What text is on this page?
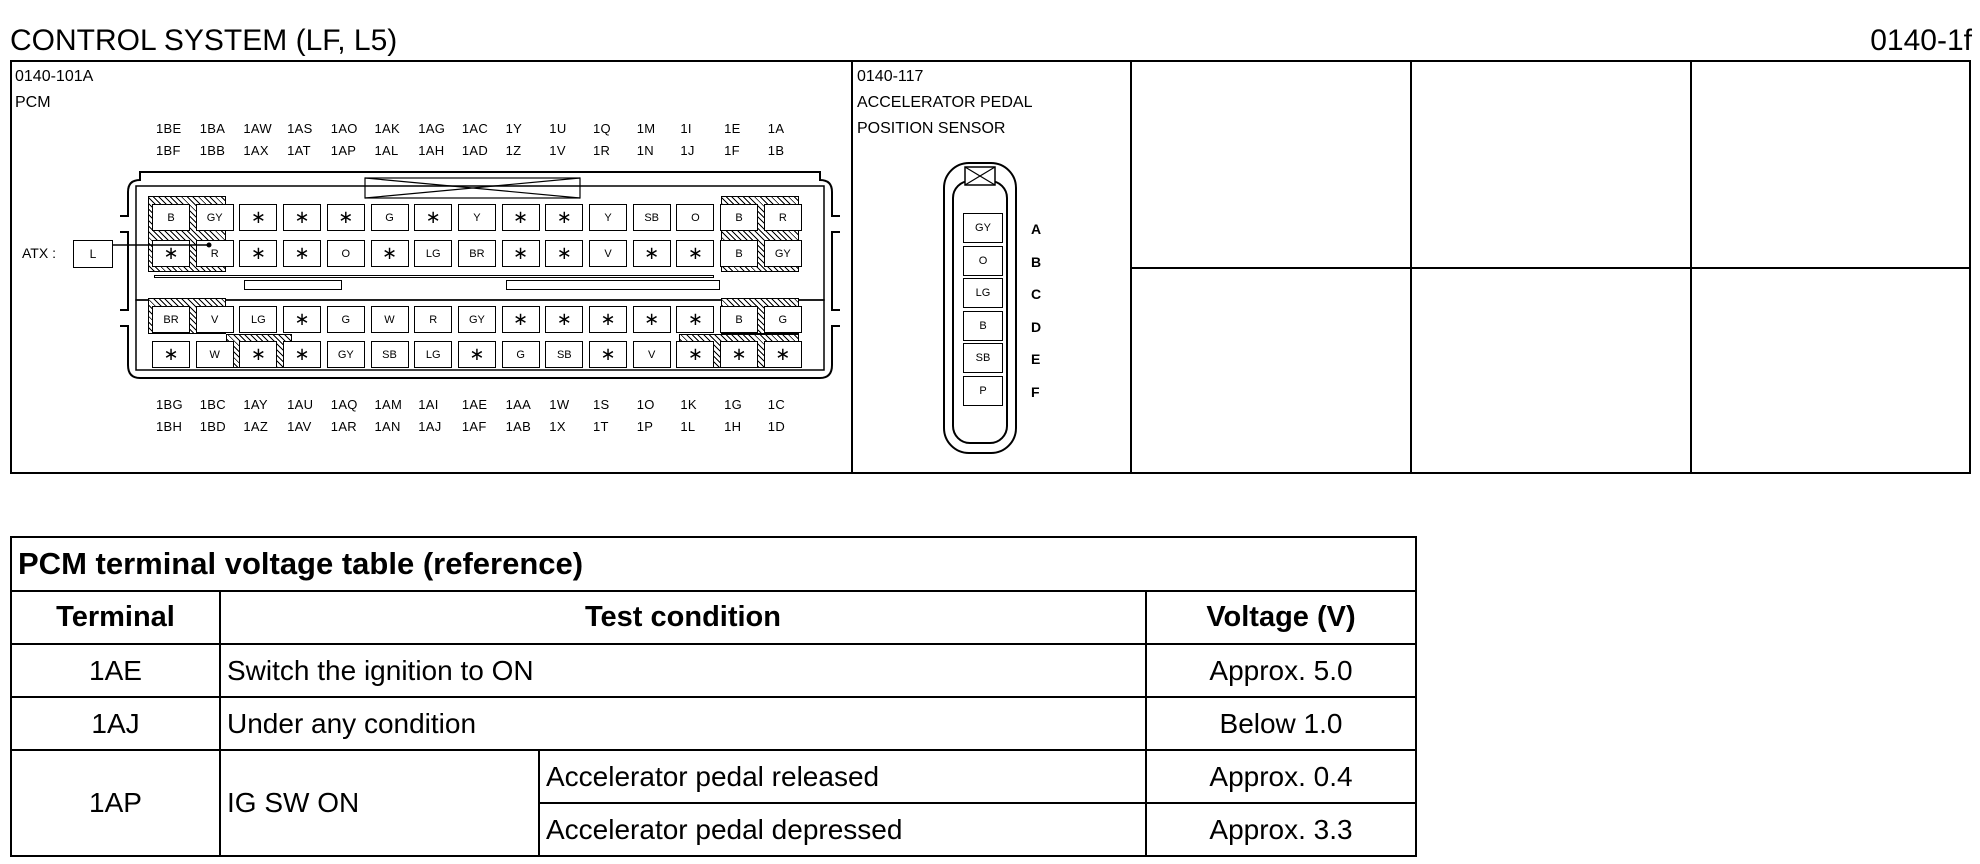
CONTROL SYSTEM (LF, L5)	0140-1f
0140-101A
PCM
1BE 1BA 1AW 1AS 1AO 1AK 1AG 1AC 1Y 1U 1Q 1M 1I 1E 1A
1BF 1BB 1AX 1AT 1AP 1AL 1AH 1AD 1Z 1V 1R 1N 1J 1F 1B
1BG 1BC 1AY 1AU 1AQ 1AM 1AI 1AE 1AA 1W 1S 1O 1K 1G 1C
1BH 1BD 1AZ 1AV 1AR 1AN 1AJ 1AF 1AB 1X 1T 1P 1L 1H 1D
B	GY	∗	∗	∗	G	∗	Y	∗	∗	Y	SB	O	B	R
∗	R	∗	∗	O	∗	LG	BR	∗	∗	V	∗	∗	B	GY
BR	V	LG	∗	G	W	R	GY	∗	∗	∗	∗	∗	B	G
∗	W	∗	∗	GY	SB	LG	∗	G	SB	∗	V	∗	∗	∗
ATX :	L
0140-117
ACCELERATOR PEDAL
POSITION SENSOR
GY	A
O	B
LG	C
B	D
SB	E
P	F
PCM terminal voltage table (reference)			
Terminal	Test condition		Voltage (V)
1AE	Switch the ignition to ON		Approx. 5.0
1AJ	Under any condition		Below 1.0
1AP	IG SW ON	Accelerator pedal released	Approx. 0.4
		Accelerator pedal depressed	Approx. 3.3
